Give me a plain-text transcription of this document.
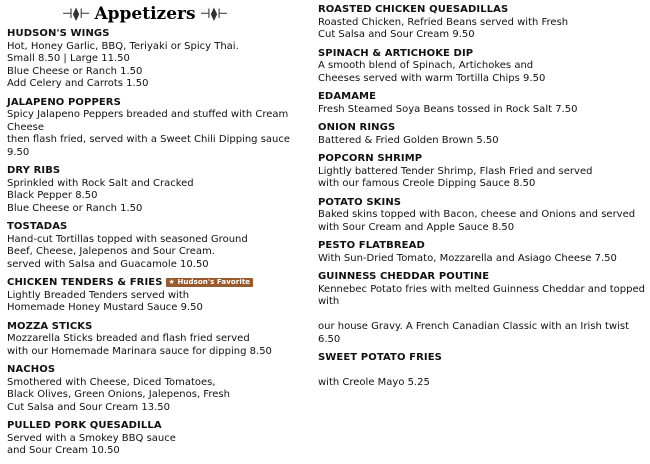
⊣⧫⊢ Appetizers ⊣⧫⊢
HUDSON'S WINGS
Hot, Honey Garlic, BBQ, Teriyaki or Spicy Thai.
Small 8.50 | Large 11.50
Blue Cheese or Ranch 1.50
Add Celery and Carrots 1.50
JALAPENO POPPERS
Spicy Jalapeno Peppers breaded and stuffed with Cream Cheese
then flash fried, served with a Sweet Chili Dipping sauce 9.50
DRY RIBS
Sprinkled with Rock Salt and Cracked
Black Pepper 8.50
Blue Cheese or Ranch 1.50
TOSTADAS
Hand-cut Tortillas topped with seasoned Ground
Beef, Cheese, Jalepenos and Sour Cream.
served with Salsa and Guacamole 10.50
CHICKEN TENDERS & FRIES ★ Hudson's Favorite
Lightly Breaded Tenders served with
Homemade Honey Mustard Sauce 9.50
MOZZA STICKS
Mozzarella Sticks breaded and flash fried served
with our Homemade Marinara sauce for dipping 8.50
NACHOS
Smothered with Cheese, Diced Tomatoes,
Black Olives, Green Onions, Jalepenos, Fresh
Cut Salsa and Sour Cream 13.50
PULLED PORK QUESADILLA
Served with a Smokey BBQ sauce
and Sour Cream 10.50
ROASTED CHICKEN QUESADILLAS
Roasted Chicken, Refried Beans served with Fresh
Cut Salsa and Sour Cream 9.50
SPINACH & ARTICHOKE DIP
A smooth blend of Spinach, Artichokes and
Cheeses served with warm Tortilla Chips 9.50
EDAMAME
Fresh Steamed Soya Beans tossed in Rock Salt 7.50
ONION RINGS
Battered & Fried Golden Brown 5.50
POPCORN SHRIMP
Lightly battered Tender Shrimp, Flash Fried and served
with our famous Creole Dipping Sauce 8.50
POTATO SKINS
Baked skins topped with Bacon, cheese and Onions and served
with Sour Cream and Apple Sauce 8.50
PESTO FLATBREAD
With Sun-Dried Tomato, Mozzarella and Asiago Cheese 7.50
GUINNESS CHEDDAR POUTINE
Kennebec Potato fries with melted Guinness Cheddar and topped with

our house Gravy. A French Canadian Classic with an Irish twist 6.50
SWEET POTATO FRIES

with Creole Mayo 5.25
